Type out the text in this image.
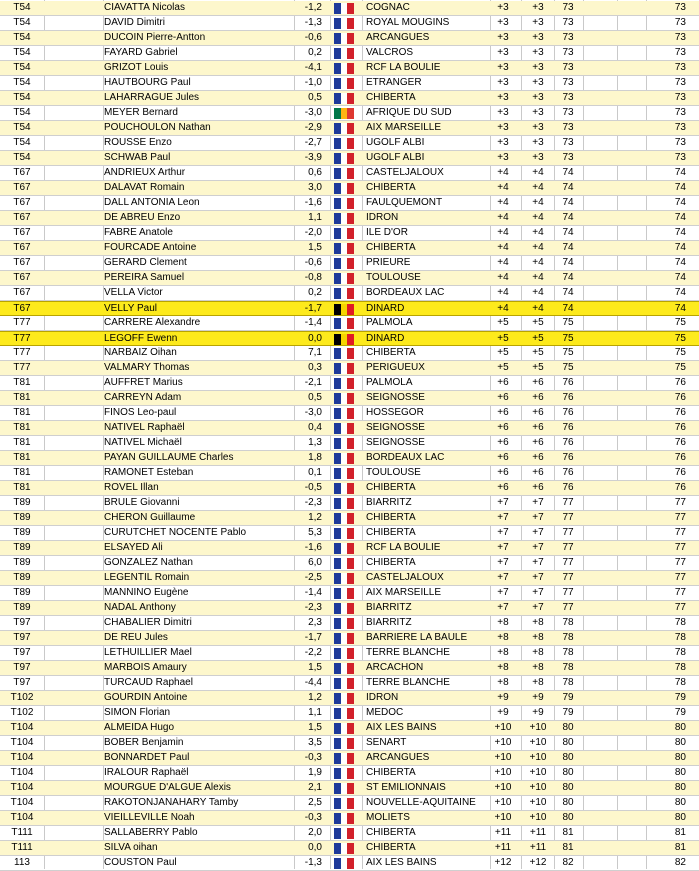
T54	CIAVATTA Nicolas	-1,2	COGNAC	+3	+3	73	73
T54	DAVID Dimitri	-1,3	ROYAL MOUGINS	+3	+3	73	73
T54	DUCOIN Pierre-Antton	-0,6	ARCANGUES	+3	+3	73	73
T54	FAYARD Gabriel	0,2	VALCROS	+3	+3	73	73
T54	GRIZOT Louis	-4,1	RCF LA BOULIE	+3	+3	73	73
T54	HAUTBOURG Paul	-1,0	ETRANGER	+3	+3	73	73
T54	LAHARRAGUE Jules	0,5	CHIBERTA	+3	+3	73	73
T54	MEYER Bernard	-3,0	AFRIQUE DU SUD	+3	+3	73	73
T54	POUCHOULON Nathan	-2,9	AIX MARSEILLE	+3	+3	73	73
T54	ROUSSE Enzo	-2,7	UGOLF ALBI	+3	+3	73	73
T54	SCHWAB Paul	-3,9	UGOLF ALBI	+3	+3	73	73
T67	ANDRIEUX Arthur	0,6	CASTELJALOUX	+4	+4	74	74
T67	DALAVAT Romain	3,0	CHIBERTA	+4	+4	74	74
T67	DALL ANTONIA Leon	-1,6	FAULQUEMONT	+4	+4	74	74
T67	DE ABREU Enzo	1,1	IDRON	+4	+4	74	74
T67	FABRE Anatole	-2,0	ILE D'OR	+4	+4	74	74
T67	FOURCADE Antoine	1,5	CHIBERTA	+4	+4	74	74
T67	GERARD Clement	-0,6	PRIEURE	+4	+4	74	74
T67	PEREIRA Samuel	-0,8	TOULOUSE	+4	+4	74	74
T67	VELLA Victor	0,2	BORDEAUX LAC	+4	+4	74	74
T67	VELLY Paul	-1,7	DINARD	+4	+4	74	74
T77	CARRERE Alexandre	-1,4	PALMOLA	+5	+5	75	75
T77	LEGOFF Ewenn	0,0	DINARD	+5	+5	75	75
T77	NARBAIZ Oihan	7,1	CHIBERTA	+5	+5	75	75
T77	VALMARY Thomas	0,3	PERIGUEUX	+5	+5	75	75
T81	AUFFRET Marius	-2,1	PALMOLA	+6	+6	76	76
T81	CARREYN Adam	0,5	SEIGNOSSE	+6	+6	76	76
T81	FINOS Leo-paul	-3,0	HOSSEGOR	+6	+6	76	76
T81	NATIVEL Raphaël	0,4	SEIGNOSSE	+6	+6	76	76
T81	NATIVEL Michaël	1,3	SEIGNOSSE	+6	+6	76	76
T81	PAYAN GUILLAUME Charles	1,8	BORDEAUX LAC	+6	+6	76	76
T81	RAMONET Esteban	0,1	TOULOUSE	+6	+6	76	76
T81	ROVEL Illan	-0,5	CHIBERTA	+6	+6	76	76
T89	BRULE Giovanni	-2,3	BIARRITZ	+7	+7	77	77
T89	CHERON Guillaume	1,2	CHIBERTA	+7	+7	77	77
T89	CURUTCHET NOCENTE Pablo	5,3	CHIBERTA	+7	+7	77	77
T89	ELSAYED Ali	-1,6	RCF LA BOULIE	+7	+7	77	77
T89	GONZALEZ Nathan	6,0	CHIBERTA	+7	+7	77	77
T89	LEGENTIL Romain	-2,5	CASTELJALOUX	+7	+7	77	77
T89	MANNINO Eugène	-1,4	AIX MARSEILLE	+7	+7	77	77
T89	NADAL Anthony	-2,3	BIARRITZ	+7	+7	77	77
T97	CHABALIER Dimitri	2,3	BIARRITZ	+8	+8	78	78
T97	DE REU Jules	-1,7	BARRIERE LA BAULE	+8	+8	78	78
T97	LETHUILLIER Mael	-2,2	TERRE BLANCHE	+8	+8	78	78
T97	MARBOIS Amaury	1,5	ARCACHON	+8	+8	78	78
T97	TURCAUD Raphael	-4,4	TERRE BLANCHE	+8	+8	78	78
T102	GOURDIN Antoine	1,2	IDRON	+9	+9	79	79
T102	SIMON Florian	1,1	MEDOC	+9	+9	79	79
T104	ALMEIDA Hugo	1,5	AIX LES BAINS	+10	+10	80	80
T104	BOBER Benjamin	3,5	SENART	+10	+10	80	80
T104	BONNARDET Paul	-0,3	ARCANGUES	+10	+10	80	80
T104	IRALOUR Raphaël	1,9	CHIBERTA	+10	+10	80	80
T104	MOURGUE D'ALGUE Alexis	2,1	ST EMILIONNAIS	+10	+10	80	80
T104	RAKOTONJANAHARY Tamby	2,5	NOUVELLE-AQUITAINE	+10	+10	80	80
T104	VIEILLEVILLE Noah	-0,3	MOLIETS	+10	+10	80	80
T111	SALLABERRY Pablo	2,0	CHIBERTA	+11	+11	81	81
T111	SILVA oihan	0,0	CHIBERTA	+11	+11	81	81
113	COUSTON Paul	-1,3	AIX LES BAINS	+12	+12	82	82
